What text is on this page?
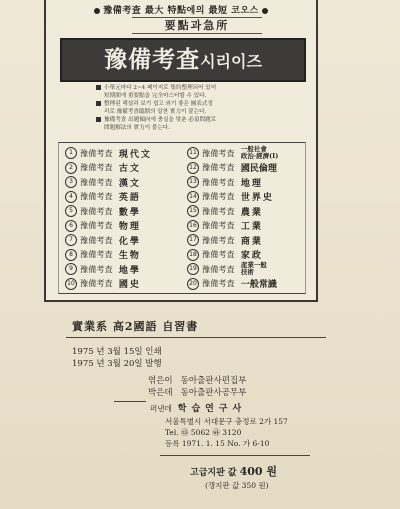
豫備考査 最大 特點에의 最短 코오스
要點과急所
豫備考査시리이즈
小單元마다 2~4 페이지로 集約整理되어 있어
短期間에 重要點을 完全마스터할 수 있다.
整理된 해설과 보기 쉽고 외기 좋은 圖表式정
리로 豫備考査臨期의 알찬 實力이 붙는다.
豫備考査 出題傾向에 충실을 맞춘 必須問題로
問題解法의 實力이 붙는다.
1 豫備考査 現代文
2 豫備考査 古文
3 豫備考査 漢文
4 豫備考査 英語
5 豫備考査 數學
6 豫備考査 物理
7 豫備考査 化學
8 豫備考査 生物
9 豫備考査 地學
10 豫備考査 國史
11 豫備考査 一般社會
政治·經濟(I)
12 豫備考査 國民倫理
13 豫備考査 地理
14 豫備考査 世界史
15 豫備考査 農業
16 豫備考査 工業
17 豫備考査 商業
18 豫備考査 家政
19 豫備考査 産業一般
技術
20 豫備考査 一般常識
實業系 高2國語 自習書
1975 년 3월 15일 인쇄
1975 년 3월 20일 발행
엮은이 동아출판사편집부
박은데 동아출판사공무부
퍼낸데 학습연구사
서울특별시 서대문구 충정로 2가 157
Tel. ㉰ 5062 ㉳ 3120
등록 1971. 1. 15 No. 가 6-10
고급지판 값 400 원
(갱지판 값 350 원)
